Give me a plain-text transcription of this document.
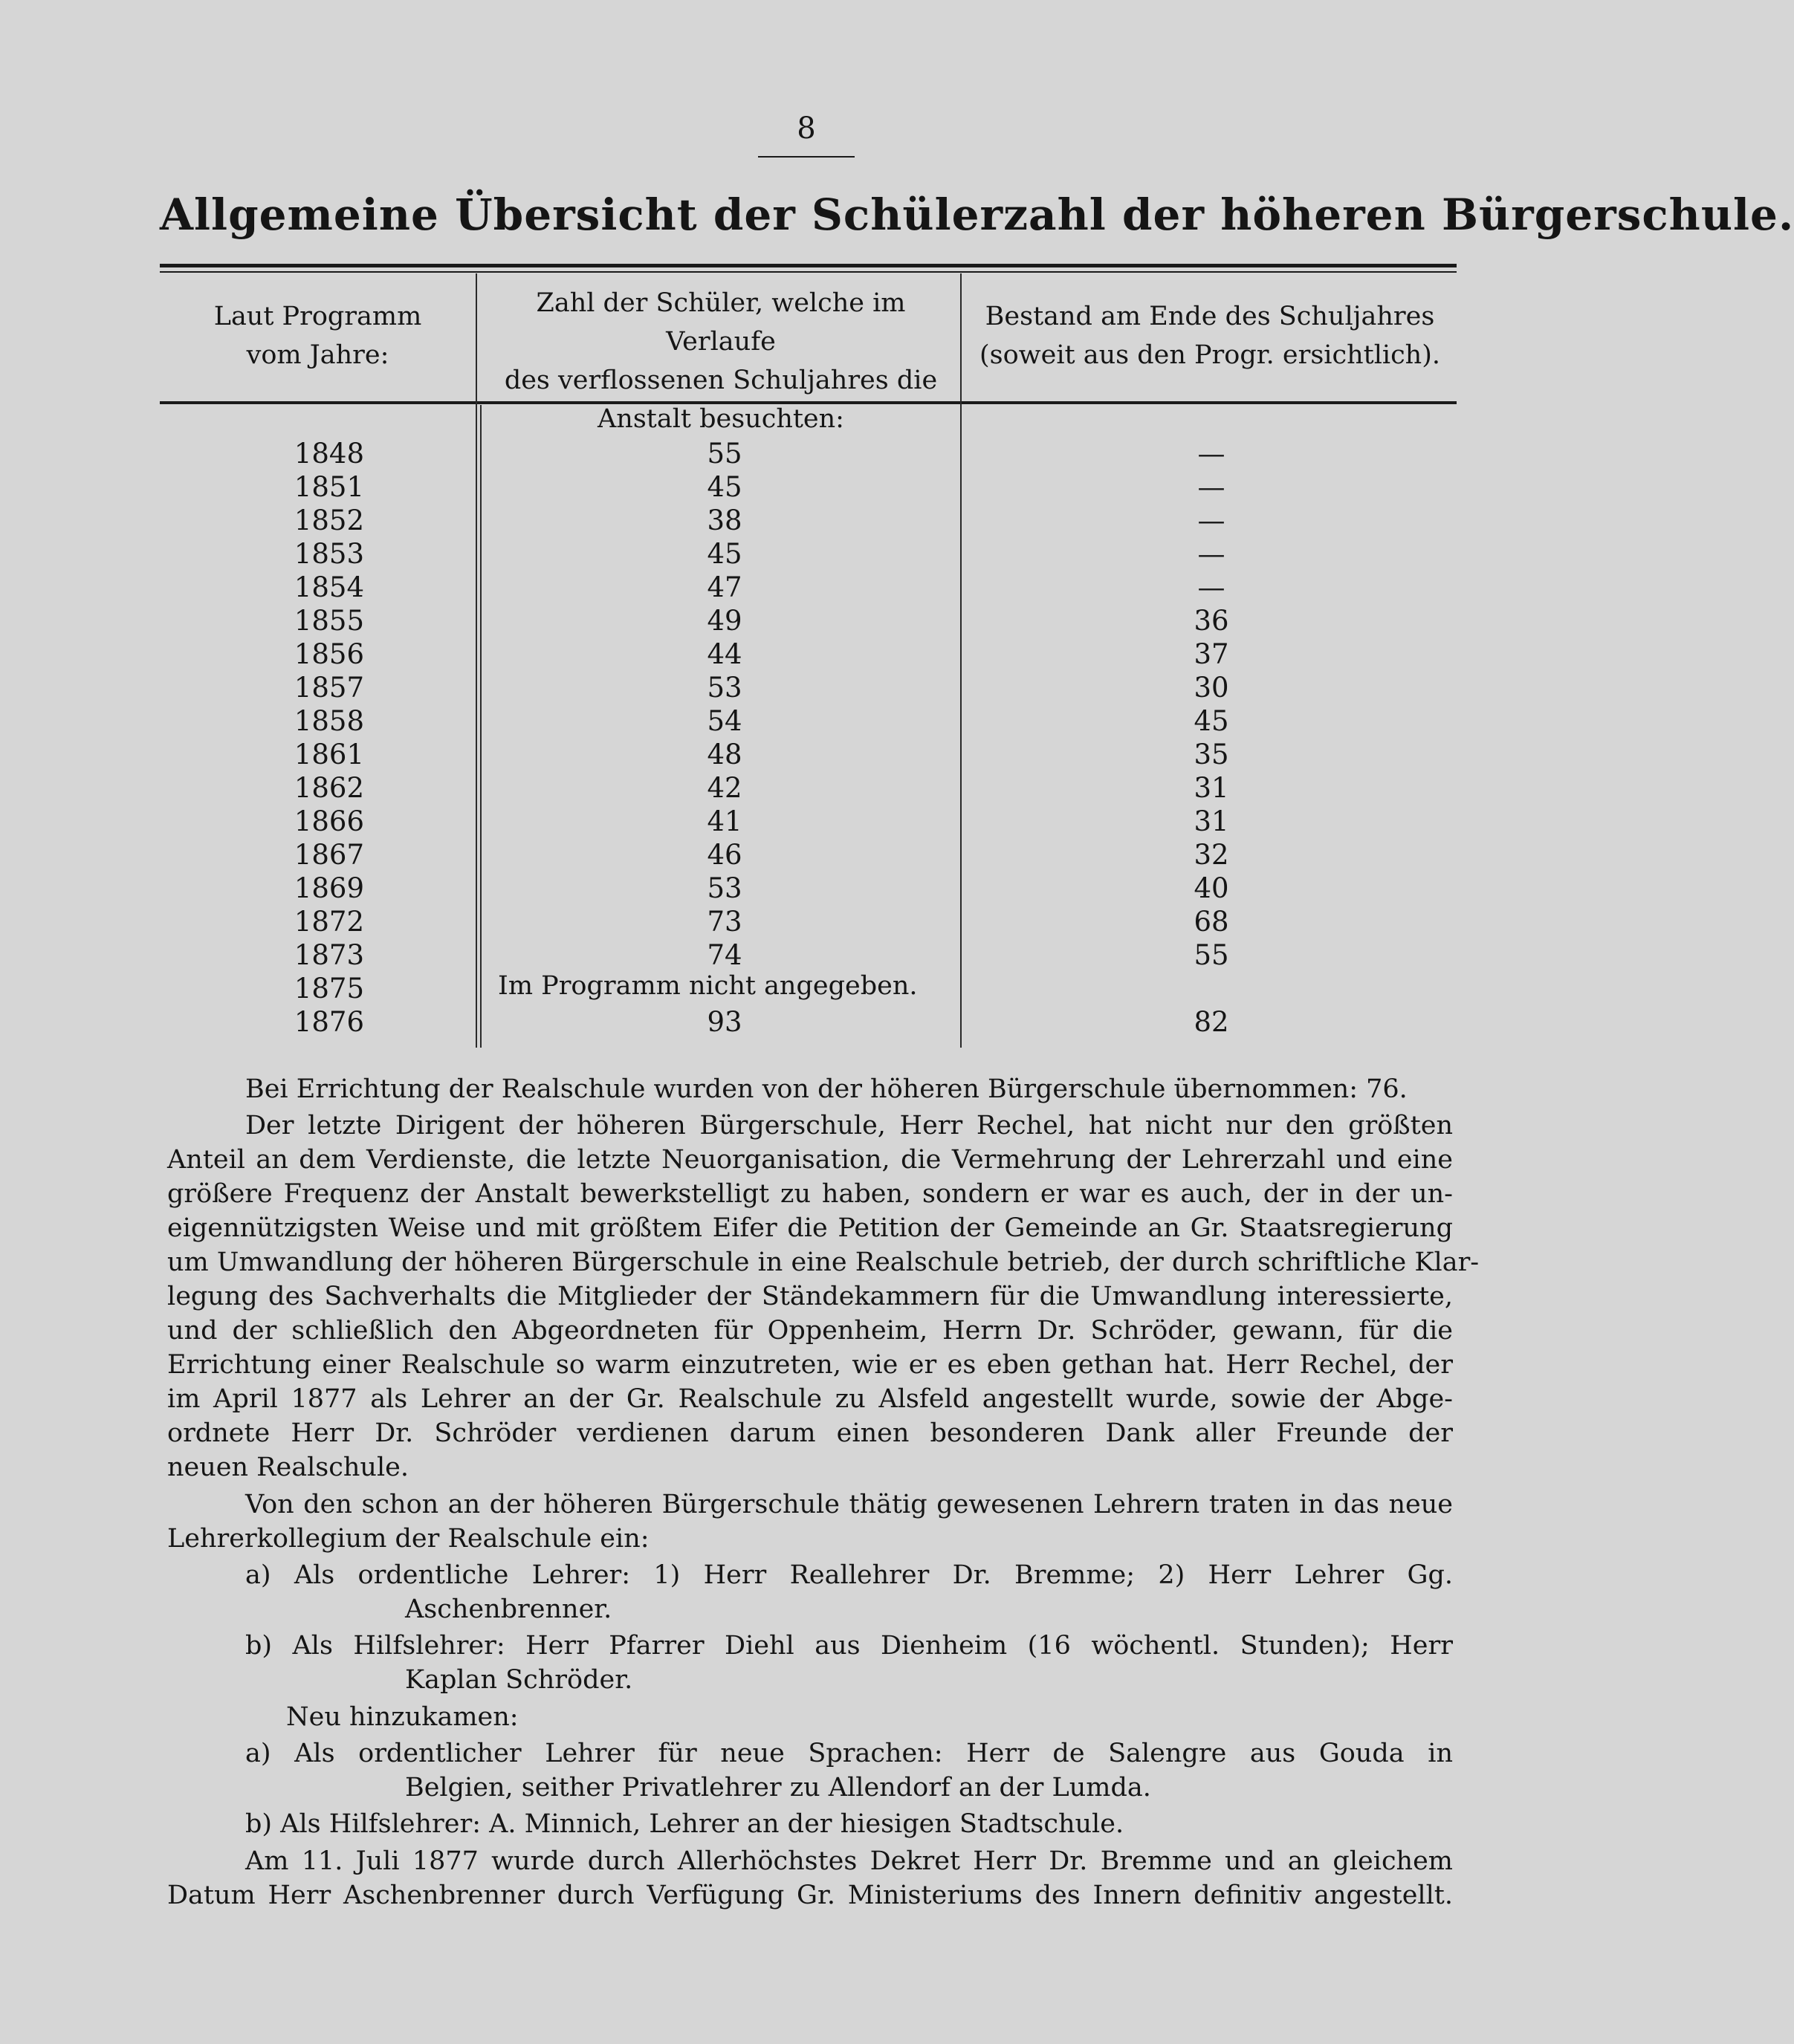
8
Allgemeine Übersicht der Schülerzahl der höheren Bürgerschule.
Laut Programm
vom Jahre:
Zahl der Schüler, welche im Verlaufe
des verflossenen Schuljahres die
Anstalt besuchten:
Bestand am Ende des Schuljahres
(soweit aus den Progr. ersichtlich).
1848
1851
1852
1853
1854
1855
1856
1857
1858
1861
1862
1866
1867
1869
1872
1873
1875
1876
55
45
38
45
47
49
44
53
54
48
42
41
46
53
73
74
93
—
—
—
—
—
36
37
30
45
35
31
31
32
40
68
55
82
Im Programm nicht angegeben.
Bei Errichtung der Realschule wurden von der höheren Bürgerschule übernommen: 76.
Der letzte Dirigent der höheren Bürgerschule, Herr Rechel, hat nicht nur den größten
Anteil an dem Verdienste, die letzte Neuorganisation, die Vermehrung der Lehrerzahl und eine
größere Frequenz der Anstalt bewerkstelligt zu haben, sondern er war es auch, der in der un-
eigennützigsten Weise und mit größtem Eifer die Petition der Gemeinde an Gr. Staatsregierung
um Umwandlung der höheren Bürgerschule in eine Realschule betrieb, der durch schriftliche Klar-
legung des Sachverhalts die Mitglieder der Ständekammern für die Umwandlung interessierte,
und der schließlich den Abgeordneten für Oppenheim, Herrn Dr. Schröder, gewann, für die
Errichtung einer Realschule so warm einzutreten, wie er es eben gethan hat. Herr Rechel, der
im April 1877 als Lehrer an der Gr. Realschule zu Alsfeld angestellt wurde, sowie der Abge-
ordnete Herr Dr. Schröder verdienen darum einen besonderen Dank aller Freunde der
neuen Realschule.
Von den schon an der höheren Bürgerschule thätig gewesenen Lehrern traten in das neue
Lehrerkollegium der Realschule ein:
a) Als ordentliche Lehrer: 1) Herr Reallehrer Dr. Bremme; 2) Herr Lehrer Gg.
Aschenbrenner.
b) Als Hilfslehrer: Herr Pfarrer Diehl aus Dienheim (16 wöchentl. Stunden); Herr
Kaplan Schröder.
Neu hinzukamen:
a) Als ordentlicher Lehrer für neue Sprachen: Herr de Salengre aus Gouda in
Belgien, seither Privatlehrer zu Allendorf an der Lumda.
b) Als Hilfslehrer: A. Minnich, Lehrer an der hiesigen Stadtschule.
Am 11. Juli 1877 wurde durch Allerhöchstes Dekret Herr Dr. Bremme und an gleichem
Datum Herr Aschenbrenner durch Verfügung Gr. Ministeriums des Innern definitiv angestellt.
